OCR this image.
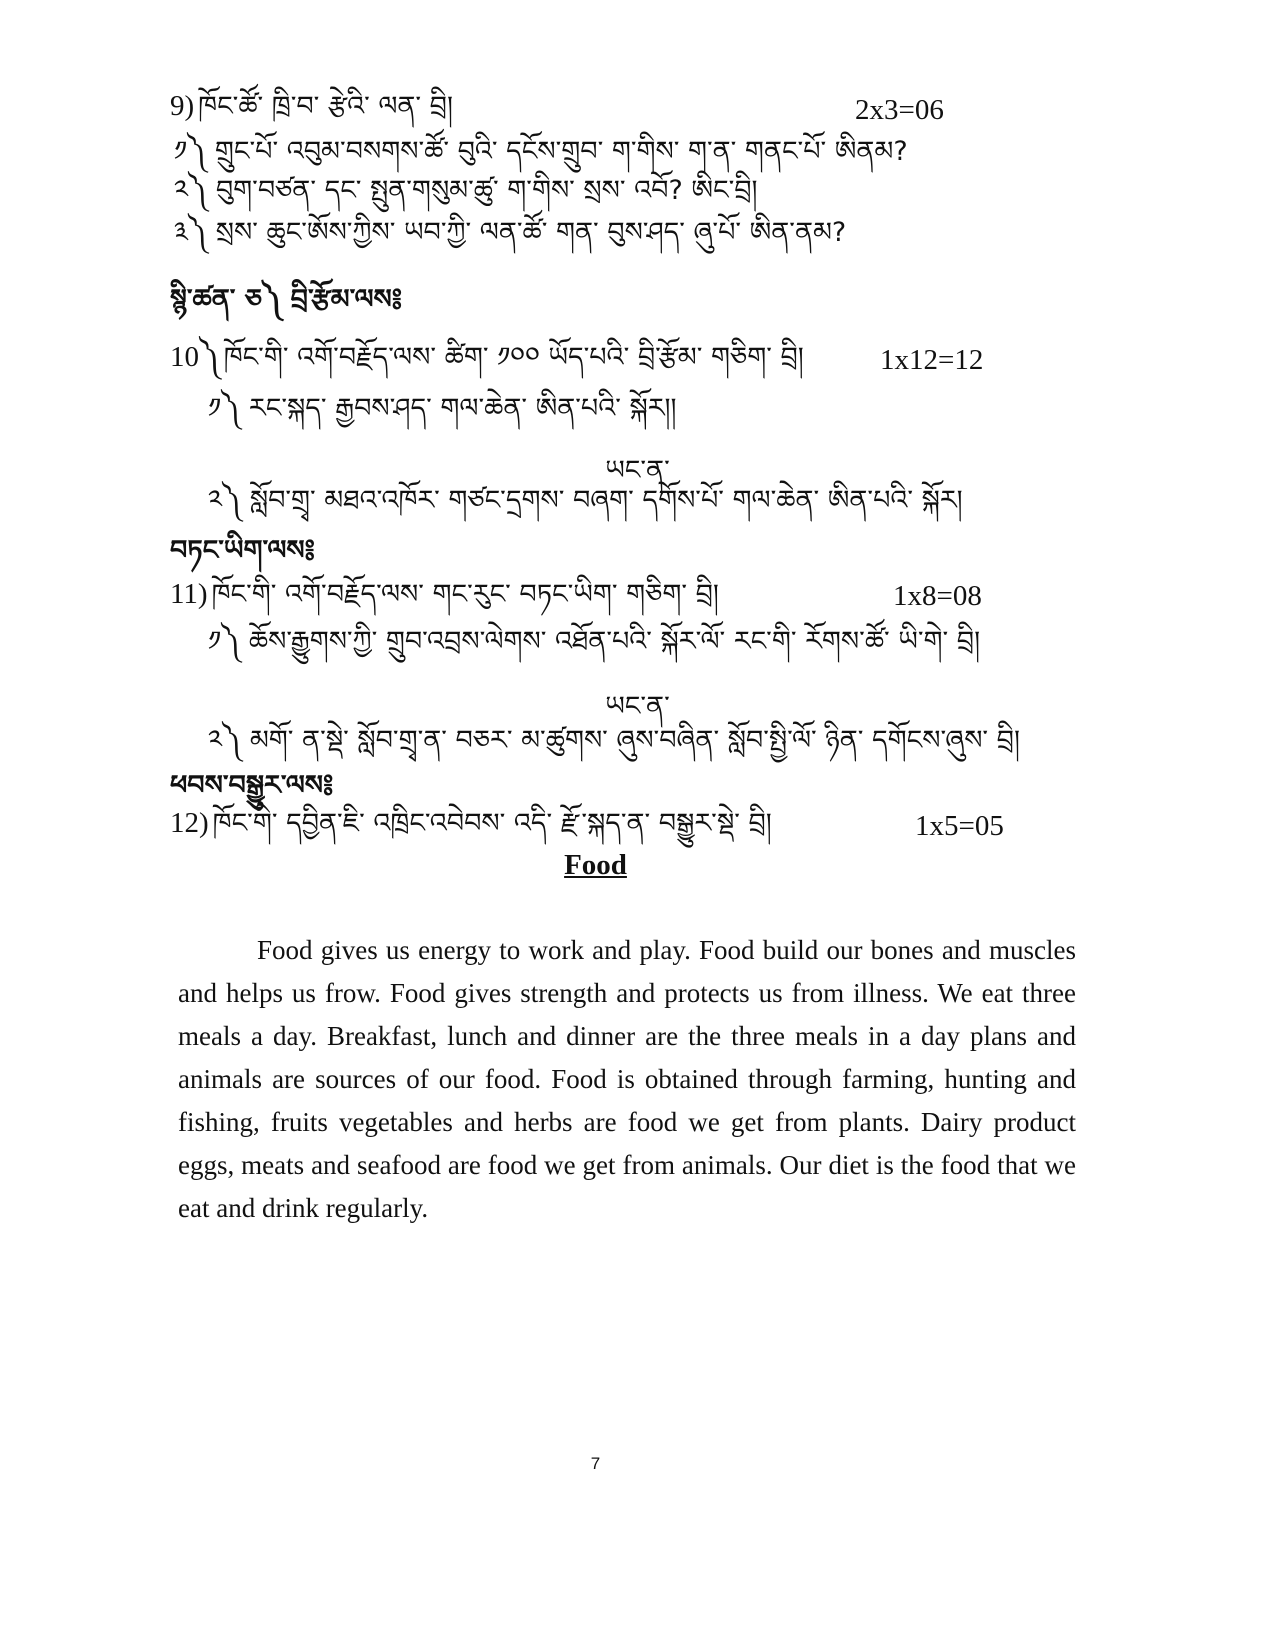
9) ཁོང་ཚོ་ ཁྲི་བ་ རྩེའི་ ལན་ བྲི།	2x3=06
༡༽ གྲུང་པོ་ འབུམ་བསགས་ཚོ་ བུའི་ དངོས་གྲུབ་ ག་གིས་ ག་ན་ གནང་པོ་ ཨིནམ?
༢༽ བུག་བཙན་ དང་ སྤུན་གསུམ་ཚུ་ ག་གིས་ སྲས་ འབོ? ཨིང་བྲི།
༣༽ སྲས་ ཆུང་ཨོས་ཀྱིས་ ཡབ་ཀྱི་ ལན་ཚོ་ གན་ བུས་ཤད་ ཞུ་པོ་ ཨིན་ནམ?
སྙི་ཚན་ ཅ༽ བྲི་རྩོམ་ལས༔
10༽ ཁོང་གི་ འགོ་བརྗོད་ལས་ ཚིག་ ༡༠༠ ཡོད་པའི་ བྲི་རྩོམ་ གཅིག་ བྲི།	1x12=12
༡༽ རང་སྐད་ རྒྱབས་ཤད་ གལ་ཆེན་ ཨིན་པའི་ སྐོར།།
ཡང་ན་
༢༽ སློབ་གྲྭ་ མཐའ་འཁོར་ གཙང་དྲགས་ བཞག་ དགོས་པོ་ གལ་ཆེན་ ཨིན་པའི་ སྐོར།
བཏང་ཡིག་ལས༔
11) ཁོང་གི་ འགོ་བརྗོད་ལས་ གང་རུང་ བཏང་ཡིག་ གཅིག་ བྲི།	1x8=08
༡༽ ཆོས་རྒྱུགས་ཀྱི་ གྲུབ་འབྲས་ལེགས་ འཐོན་པའི་ སྐོར་ལོ་ རང་གི་ རོགས་ཚོ་ ཡི་གེ་ བྲི།
ཡང་ན་
༢༽ མགོ་ ན་སྡེ་ སློབ་གྲྭ་ན་ བཅར་ མ་ཚུགས་ ཞུས་བཞིན་ སློབ་སྤྱི་ལོ་ ཉིན་ དགོངས་ཞུས་ བྲི།
ཕབས་བསྒྱུར་ལས༔
12) ཁོང་གི་ དབྱིན་ཇི་ འཁྲིང་འབེབས་ འདི་ རྫོ་སྐད་ན་ བསྒྱུར་སྡེ་ བྲི།	1x5=05
Food

Food gives us energy to work and play. Food build our bones and muscles and helps us frow. Food gives strength and protects us from illness. We eat three meals a day. Breakfast, lunch and dinner are the three meals in a day plans and animals are sources of our food. Food is obtained through farming, hunting and fishing, fruits vegetables and herbs are food we get from plants. Dairy product eggs, meats and seafood are food we get from animals. Our diet is the food that we eat and drink regularly.

7
